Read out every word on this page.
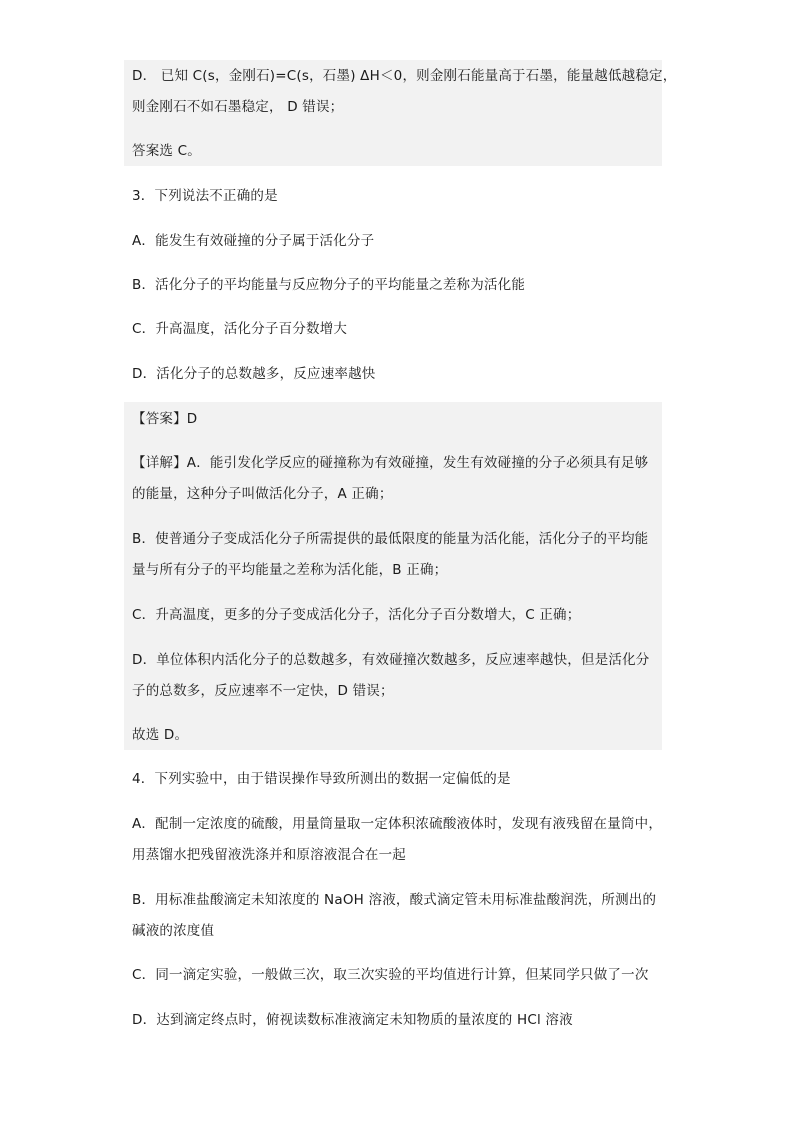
D． 已知 C(s，金刚石)=C(s，石墨) ΔH＜0，则金刚石能量高于石墨，能量越低越稳定，
则金刚石不如石墨稳定， D 错误；
答案选 C。
3．下列说法不正确的是
A．能发生有效碰撞的分子属于活化分子
B．活化分子的平均能量与反应物分子的平均能量之差称为活化能
C．升高温度，活化分子百分数增大
D．活化分子的总数越多，反应速率越快
【答案】D
【详解】A．能引发化学反应的碰撞称为有效碰撞，发生有效碰撞的分子必须具有足够
的能量，这种分子叫做活化分子，A 正确；
B．使普通分子变成活化分子所需提供的最低限度的能量为活化能，活化分子的平均能
量与所有分子的平均能量之差称为活化能，B 正确；
C．升高温度，更多的分子变成活化分子，活化分子百分数增大，C 正确；
D．单位体积内活化分子的总数越多，有效碰撞次数越多，反应速率越快，但是活化分
子的总数多，反应速率不一定快，D 错误；
故选 D。
4．下列实验中，由于错误操作导致所测出的数据一定偏低的是
A．配制一定浓度的硫酸，用量筒量取一定体积浓硫酸液体时，发现有液残留在量筒中，
用蒸馏水把残留液洗涤并和原溶液混合在一起
B．用标准盐酸滴定未知浓度的 NaOH 溶液，酸式滴定管未用标准盐酸润洗，所测出的
碱液的浓度值
C．同一滴定实验，一般做三次，取三次实验的平均值进行计算，但某同学只做了一次
D．达到滴定终点时，俯视读数标准液滴定未知物质的量浓度的 HCl 溶液
